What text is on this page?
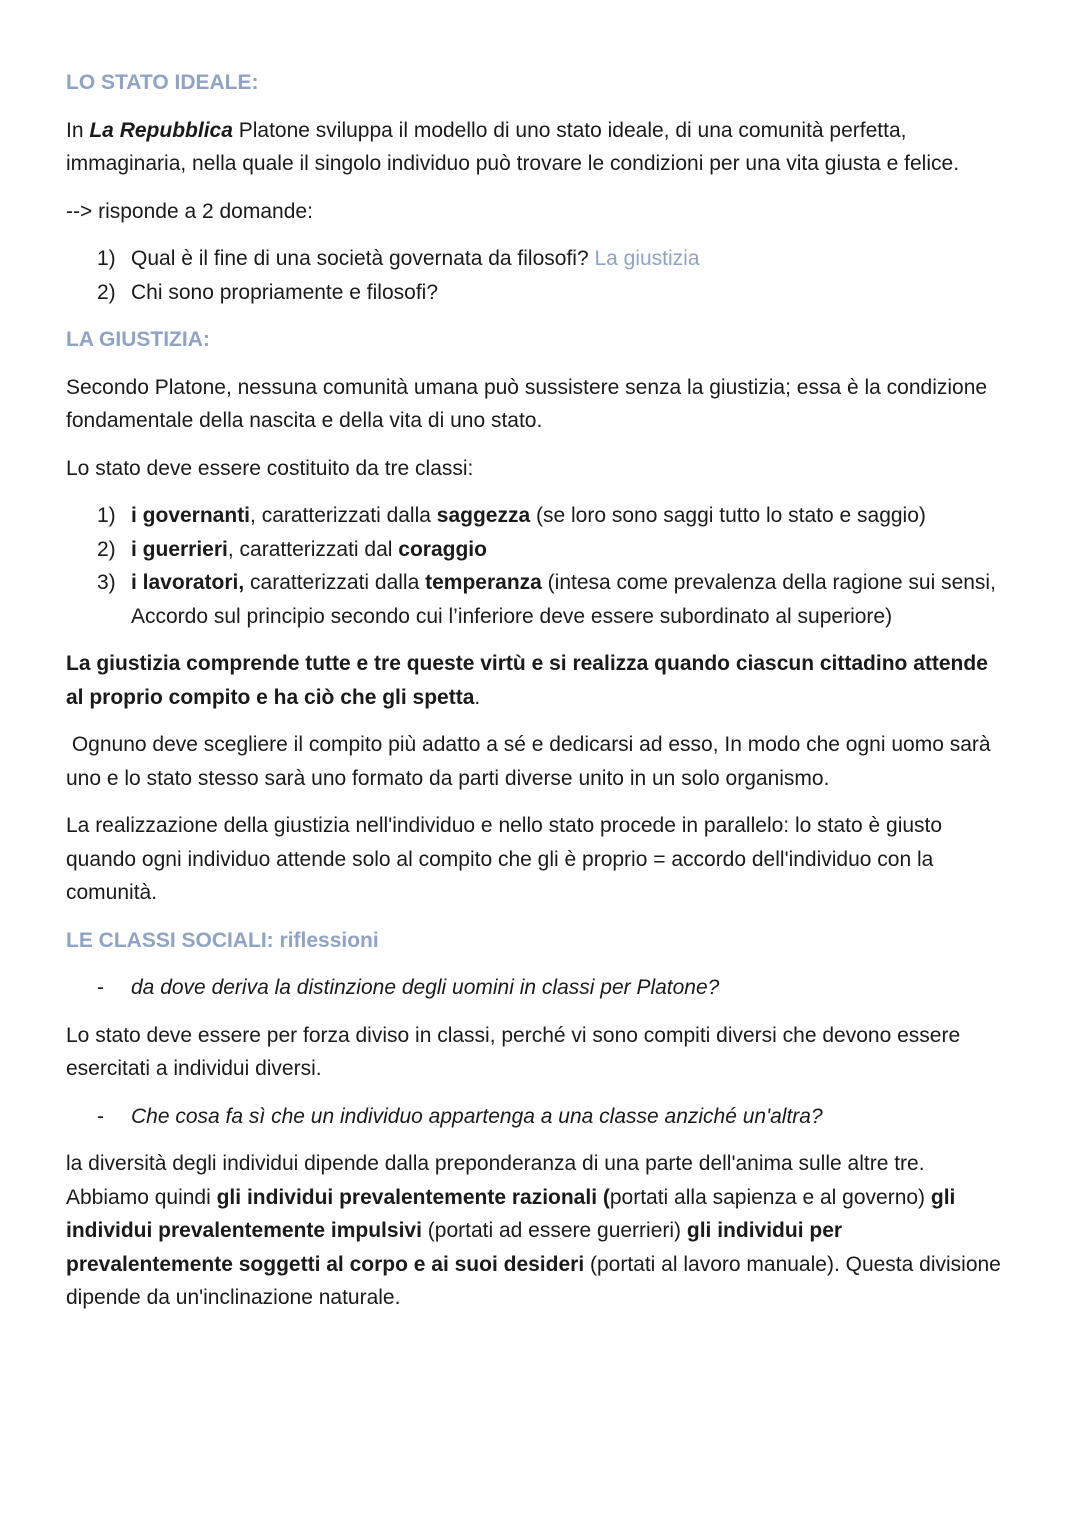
LO STATO IDEALE:

In La Repubblica Platone sviluppa il modello di uno stato ideale, di una comunità perfetta, immaginaria, nella quale il singolo individuo può trovare le condizioni per una vita giusta e felice.

--> risponde a 2 domande:

1) Qual è il fine di una società governata da filosofi? La giustizia
2) Chi sono propriamente e filosofi?
LA GIUSTIZIA:

Secondo Platone, nessuna comunità umana può sussistere senza la giustizia; essa è la condizione fondamentale della nascita e della vita di uno stato.

Lo stato deve essere costituito da tre classi:

1) i governanti, caratterizzati dalla saggezza (se loro sono saggi tutto lo stato e saggio)
2) i guerrieri, caratterizzati dal coraggio
3) i lavoratori, caratterizzati dalla temperanza (intesa come prevalenza della ragione sui sensi, Accordo sul principio secondo cui l’inferiore deve essere subordinato al superiore)

La giustizia comprende tutte e tre queste virtù e si realizza quando ciascun cittadino attende al proprio compito e ha ciò che gli spetta.

Ognuno deve scegliere il compito più adatto a sé e dedicarsi ad esso, In modo che ogni uomo sarà uno e lo stato stesso sarà uno formato da parti diverse unito in un solo organismo.

La realizzazione della giustizia nell'individuo e nello stato procede in parallelo: lo stato è giusto quando ogni individuo attende solo al compito che gli è proprio = accordo dell'individuo con la comunità.

LE CLASSI SOCIALI: riflessioni
- da dove deriva la distinzione degli uomini in classi per Platone?

Lo stato deve essere per forza diviso in classi, perché vi sono compiti diversi che devono essere esercitati a individui diversi.

- Che cosa fa sì che un individuo appartenga a una classe anziché un'altra?

la diversità degli individui dipende dalla preponderanza di una parte dell'anima sulle altre tre. Abbiamo quindi gli individui prevalentemente razionali (portati alla sapienza e al governo) gli individui prevalentemente impulsivi (portati ad essere guerrieri) gli individui per prevalentemente soggetti al corpo e ai suoi desideri (portati al lavoro manuale). Questa divisione dipende da un'inclinazione naturale.
